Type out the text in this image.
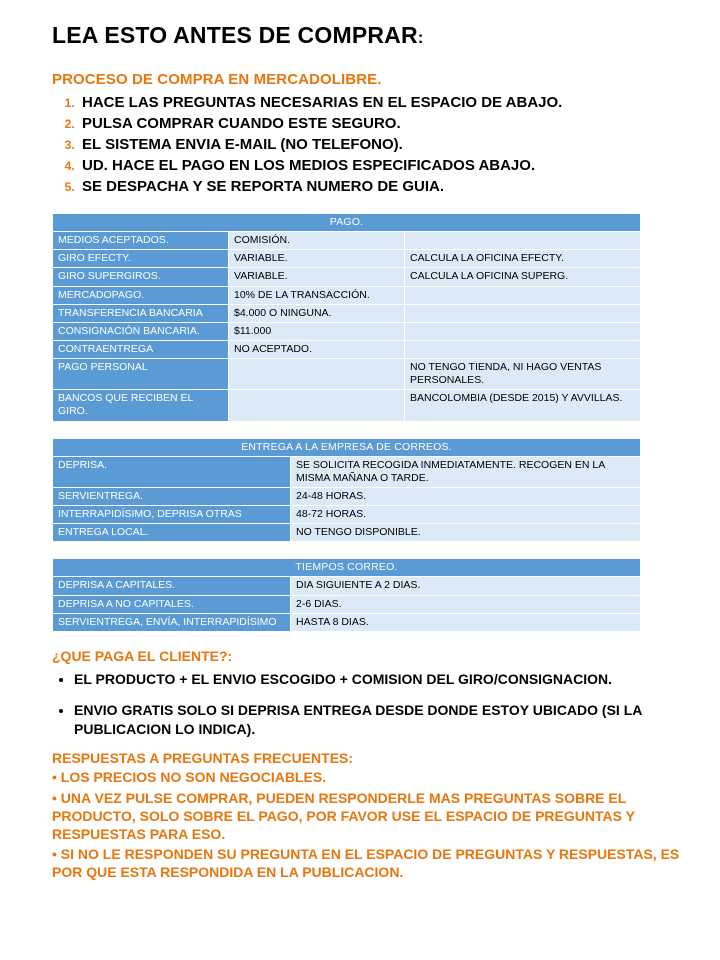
LEA ESTO ANTES DE COMPRAR:
PROCESO DE COMPRA EN MERCADOLIBRE.
1. HACE LAS PREGUNTAS NECESARIAS EN EL ESPACIO DE ABAJO.
2. PULSA COMPRAR CUANDO ESTE SEGURO.
3. EL SISTEMA ENVIA E-MAIL (NO TELEFONO).
4. UD. HACE EL PAGO EN LOS MEDIOS ESPECIFICADOS ABAJO.
5. SE DESPACHA Y SE REPORTA NUMERO DE GUIA.
PAGO.		
MEDIOS ACEPTADOS.	COMISIÓN.	
GIRO EFECTY.	VARIABLE.	CALCULA LA OFICINA EFECTY.
GIRO SUPERGIROS.	VARIABLE.	CALCULA LA OFICINA SUPERG.
MERCADOPAGO.	10% DE LA TRANSACCIÓN.	
TRANSFERENCIA BANCARIA	$4.000 O NINGUNA.	
CONSIGNACIÓN BANCARIA.	$11.000	
CONTRAENTREGA	NO ACEPTADO.	
PAGO PERSONAL		NO TENGO TIENDA, NI HAGO VENTAS PERSONALES.
BANCOS QUE RECIBEN EL GIRO.		BANCOLOMBIA (DESDE 2015) Y AVVILLAS.
ENTREGA A LA EMPRESA DE CORREOS.	
DEPRISA.	SE SOLICITA RECOGIDA INMEDIATAMENTE. RECOGEN EN LA MISMA MAÑANA O TARDE.
SERVIENTREGA.	24-48 HORAS.
INTERRAPIDÍSIMO, DEPRISA OTRAS	48-72 HORAS.
ENTREGA LOCAL.	NO TENGO DISPONIBLE.
TIEMPOS CORREO.	
DEPRISA A CAPITALES.	DIA SIGUIENTE A 2 DIAS.
DEPRISA A NO CAPITALES.	2-6 DIAS.
SERVIENTREGA, ENVÍA, INTERRAPIDÍSIMO	HASTA 8 DIAS.
¿QUE PAGA EL CLIENTE?:
• EL PRODUCTO + EL ENVIO ESCOGIDO + COMISION DEL GIRO/CONSIGNACION.
• ENVIO GRATIS SOLO SI DEPRISA ENTREGA DESDE DONDE ESTOY UBICADO (SI LA PUBLICACION LO INDICA).
RESPUESTAS A PREGUNTAS FRECUENTES:

• LOS PRECIOS NO SON NEGOCIABLES.

• UNA VEZ PULSE COMPRAR, PUEDEN RESPONDERLE MAS PREGUNTAS SOBRE EL PRODUCTO, SOLO SOBRE EL PAGO, POR FAVOR USE EL ESPACIO DE PREGUNTAS Y RESPUESTAS PARA ESO.

• SI NO LE RESPONDEN SU PREGUNTA EN EL ESPACIO DE PREGUNTAS Y RESPUESTAS, ES POR QUE ESTA RESPONDIDA EN LA PUBLICACION.
